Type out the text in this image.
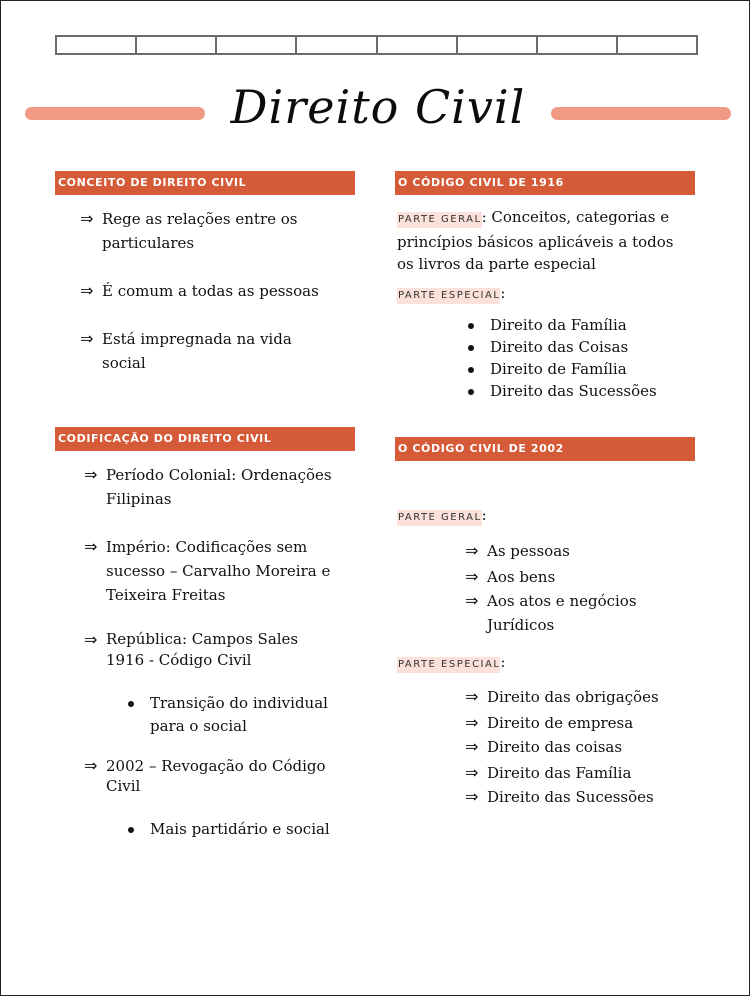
Direito Civil
CONCEITO DE DIREITO CIVIL
⇒ Rege as relações entre os particulares
⇒ É comum a todas as pessoas
⇒ Está impregnada na vida social
CODIFICAÇÃO DO DIREITO CIVIL
⇒ Período Colonial: Ordenações Filipinas
⇒ Império: Codificações sem sucesso – Carvalho Moreira e Teixeira Freitas
⇒ República: Campos Sales 1916 - Código Civil
Transição do individual para o social
⇒ 2002 – Revogação do Código Civil
Mais partidário e social
O CÓDIGO CIVIL DE 1916
PARTE GERAL: Conceitos, categorias e princípios básicos aplicáveis a todos os livros da parte especial
PARTE ESPECIAL:
Direito da Família
Direito das Coisas
Direito de Família
Direito das Sucessões
O CÓDIGO CIVIL DE 2002
PARTE GERAL:
⇒ As pessoas
⇒ Aos bens
⇒ Aos atos e negócios Jurídicos
PARTE ESPECIAL:
⇒ Direito das obrigações
⇒ Direito de empresa
⇒ Direito das coisas
⇒ Direito das Família
⇒ Direito das Sucessões
